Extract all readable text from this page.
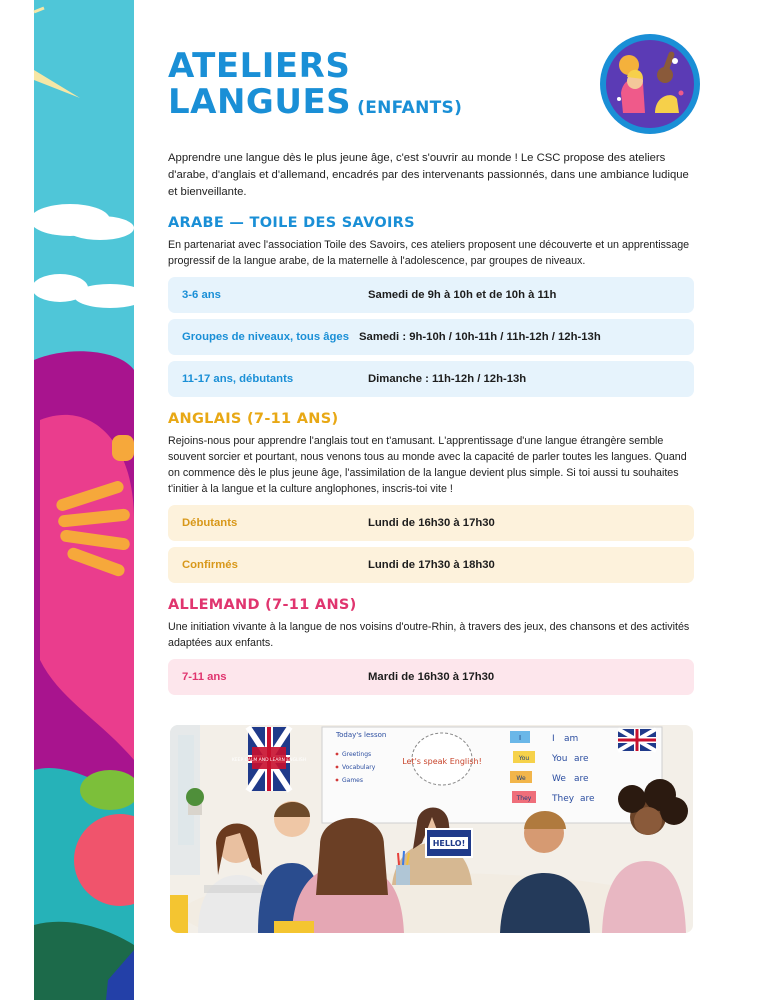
ATELIERS
LANGUES (ENFANTS)

Apprendre une langue dès le plus jeune âge, c'est s'ouvrir au monde ! Le CSC propose des ateliers d'arabe, d'anglais et d'allemand, encadrés par des intervenants passionnés, dans une ambiance ludique et bienveillante.

ARABE — TOILE DES SAVOIRS

En partenariat avec l'association Toile des Savoirs, ces ateliers proposent une découverte et un apprentissage progressif de la langue arabe, de la maternelle à l'adolescence, par groupes de niveaux.

3-6 ans	Samedi de 9h à 10h et de 10h à 11h
Groupes de niveaux, tous âges Samedi : 9h-10h / 10h-11h / 11h-12h / 12h-13h
11-17 ans, débutants	Dimanche : 11h-12h / 12h-13h
ANGLAIS (7-11 ANS)

Rejoins-nous pour apprendre l'anglais tout en t'amusant. L'apprentissage d'une langue étrangère semble souvent sorcier et pourtant, nous venons tous au monde avec la capacité de parler toutes les langues. Quand on commence dès le plus jeune âge, l'assimilation de la langue devient plus simple. Si toi aussi tu souhaites t'initier à la langue et la culture anglophones, inscris-toi vite !

Débutants	Lundi de 16h30 à 17h30
Confirmés	Lundi de 17h30 à 18h30
ALLEMAND (7-11 ANS)

Une initiation vivante à la langue de nos voisins d'outre-Rhin, à travers des jeux, des chansons et des activités adaptées aux enfants.

7-11 ans	Mardi de 16h30 à 17h30
KEEP CALM AND LEARN ENGLISH
Today's lesson
Greetings
Vocabulary
Games
Let's speak English!
I
You
We
They
I am
You are
We are
They are
HELLO!
